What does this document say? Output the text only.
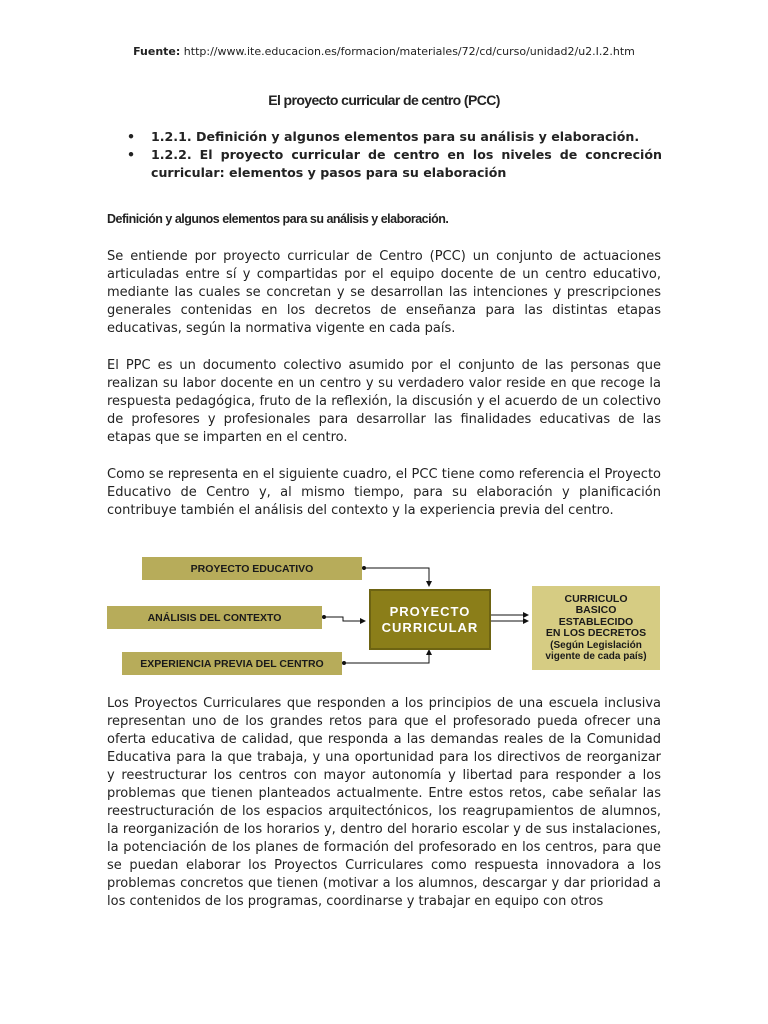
Fuente: http://www.ite.educacion.es/formacion/materiales/72/cd/curso/unidad2/u2.I.2.htm
El proyecto curricular de centro (PCC)
• 1.2.1. Definición y algunos elementos para su análisis y elaboración.
• 1.2.2. El proyecto curricular de centro en los niveles de concreción curricular: elementos y pasos para su elaboración
Definición y algunos elementos para su análisis y elaboración.

Se entiende por proyecto curricular de Centro (PCC) un conjunto de actuaciones articuladas entre sí y compartidas por el equipo docente de un centro educativo, mediante las cuales se concretan y se desarrollan las intenciones y prescripciones generales contenidas en los decretos de enseñanza para las distintas etapas educativas, según la normativa vigente en cada país.

El PPC es un documento colectivo asumido por el conjunto de las personas que realizan su labor docente en un centro y su verdadero valor reside en que recoge la respuesta pedagógica, fruto de la reflexión, la discusión y el acuerdo de un colectivo de profesores y profesionales para desarrollar las finalidades educativas de las etapas que se imparten en el centro.

Como se representa en el siguiente cuadro, el PCC tiene como referencia el Proyecto Educativo de Centro y, al mismo tiempo, para su elaboración y planificación contribuye también el análisis del contexto y la experiencia previa del centro.

PROYECTO EDUCATIVO
ANÁLISIS DEL CONTEXTO
EXPERIENCIA PREVIA DEL CENTRO
PROYECTO
CURRICULAR
CURRICULO
BASICO
ESTABLECIDO
EN LOS DECRETOS
(Según Legislación
vigente de cada país)

Los Proyectos Curriculares que responden a los principios de una escuela inclusiva representan uno de los grandes retos para que el profesorado pueda ofrecer una oferta educativa de calidad, que responda a las demandas reales de la Comunidad Educativa para la que trabaja, y una oportunidad para los directivos de reorganizar y reestructurar los centros con mayor autonomía y libertad para responder a los problemas que tienen planteados actualmente. Entre estos retos, cabe señalar las reestructuración de los espacios arquitectónicos, los reagrupamientos de alumnos, la reorganización de los horarios y, dentro del horario escolar y de sus instalaciones, la potenciación de los planes de formación del profesorado en los centros, para que se puedan elaborar los Proyectos Curriculares como respuesta innovadora a los problemas concretos que tienen (motivar a los alumnos, descargar y dar prioridad a los contenidos de los programas, coordinarse y trabajar en equipo con otros
